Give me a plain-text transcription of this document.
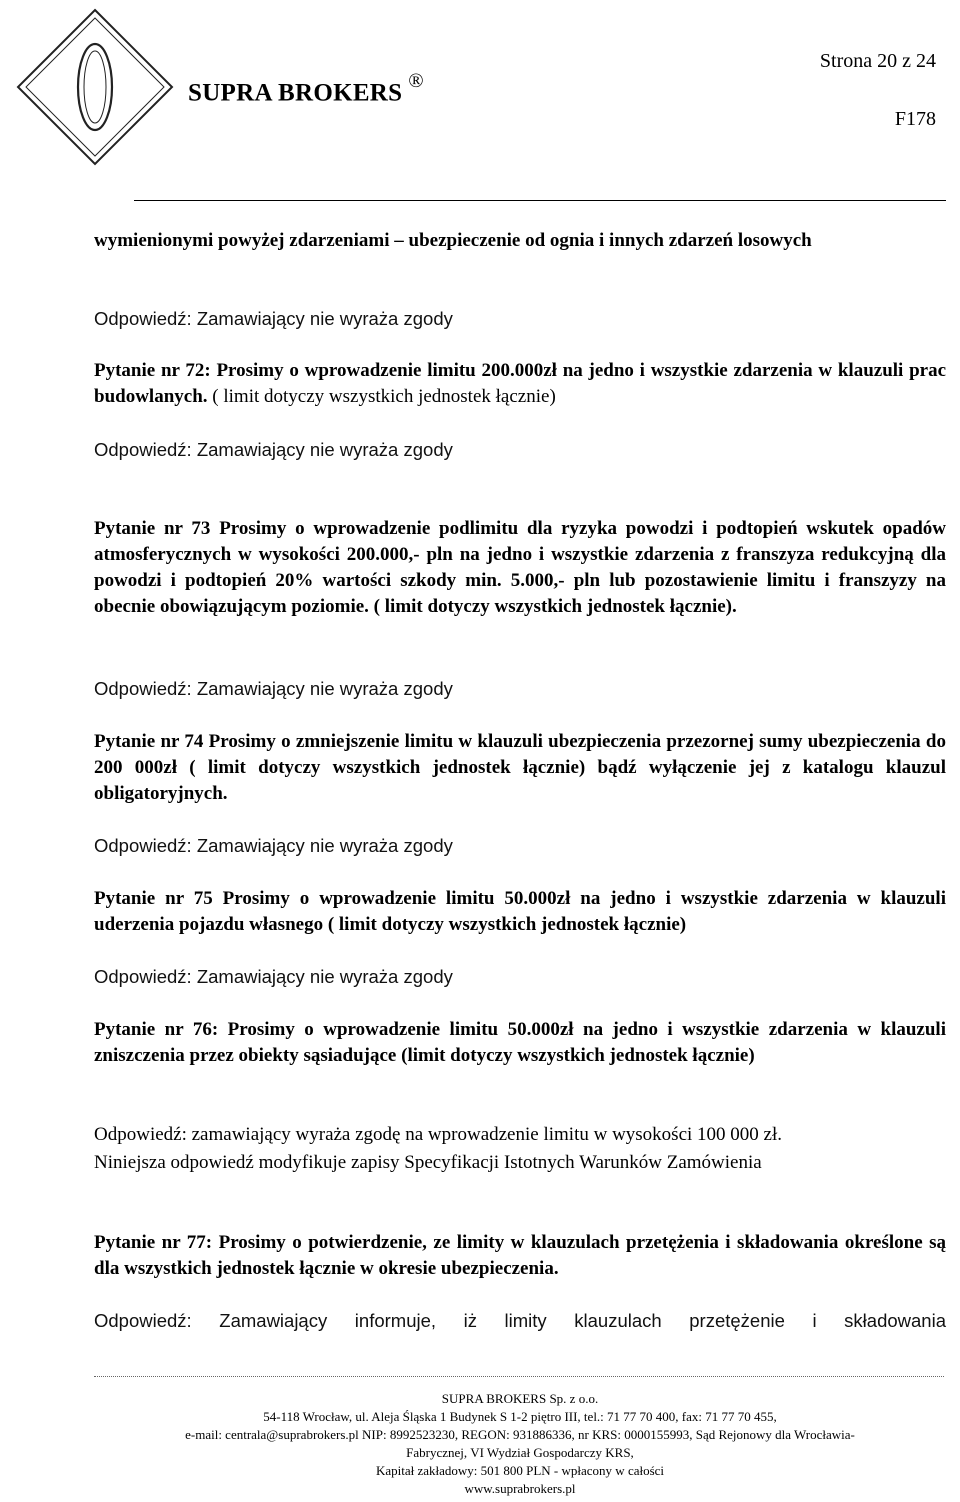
SUPRA BROKERS ®
Strona 20 z 24
F178

wymienionymi powyżej zdarzeniami – ubezpieczenie od ognia i innych zdarzeń losowych

Odpowiedź: Zamawiający nie wyraża zgody

Pytanie nr 72: Prosimy o wprowadzenie limitu 200.000zł na jedno i wszystkie zdarzenia w klauzuli prac budowlanych. ( limit dotyczy wszystkich jednostek łącznie)

Odpowiedź: Zamawiający nie wyraża zgody

Pytanie nr 73 Prosimy o wprowadzenie podlimitu dla ryzyka powodzi i podtopień wskutek opadów atmosferycznych w wysokości 200.000,- pln na jedno i wszystkie zdarzenia z franszyza redukcyjną dla powodzi i podtopień 20% wartości szkody min. 5.000,- pln lub pozostawienie limitu i franszyzy na obecnie obowiązującym poziomie. ( limit dotyczy wszystkich jednostek łącznie).

Odpowiedź: Zamawiający nie wyraża zgody

Pytanie nr 74 Prosimy o zmniejszenie limitu w klauzuli ubezpieczenia przezornej sumy ubezpieczenia do 200 000zł ( limit dotyczy wszystkich jednostek łącznie) bądź wyłączenie jej z katalogu klauzul obligatoryjnych.

Odpowiedź: Zamawiający nie wyraża zgody

Pytanie nr 75 Prosimy o wprowadzenie limitu 50.000zł na jedno i wszystkie zdarzenia w klauzuli uderzenia pojazdu własnego ( limit dotyczy wszystkich jednostek łącznie)

Odpowiedź: Zamawiający nie wyraża zgody

Pytanie nr 76: Prosimy o wprowadzenie limitu 50.000zł na jedno i wszystkie zdarzenia w klauzuli zniszczenia przez obiekty sąsiadujące (limit dotyczy wszystkich jednostek łącznie)

Odpowiedź: zamawiający wyraża zgodę na wprowadzenie limitu w wysokości 100 000 zł.

Niniejsza odpowiedź modyfikuje zapisy Specyfikacji Istotnych Warunków Zamówienia

Pytanie nr 77: Prosimy o potwierdzenie, ze limity w klauzulach przetężenia i składowania określone są dla wszystkich jednostek łącznie w okresie ubezpieczenia.

Odpowiedź: Zamawiający informuje, iż limity klauzulach przetężenie i składowania

SUPRA BROKERS Sp. z o.o.
54-118 Wrocław, ul. Aleja Śląska 1 Budynek S 1-2 piętro III, tel.: 71 77 70 400, fax: 71 77 70 455,
e-mail: centrala@suprabrokers.pl NIP: 8992523230, REGON: 931886336, nr KRS: 0000155993, Sąd Rejonowy dla Wrocławia-
Fabrycznej, VI Wydział Gospodarczy KRS,
Kapitał zakładowy: 501 800 PLN - wpłacony w całości
www.suprabrokers.pl
